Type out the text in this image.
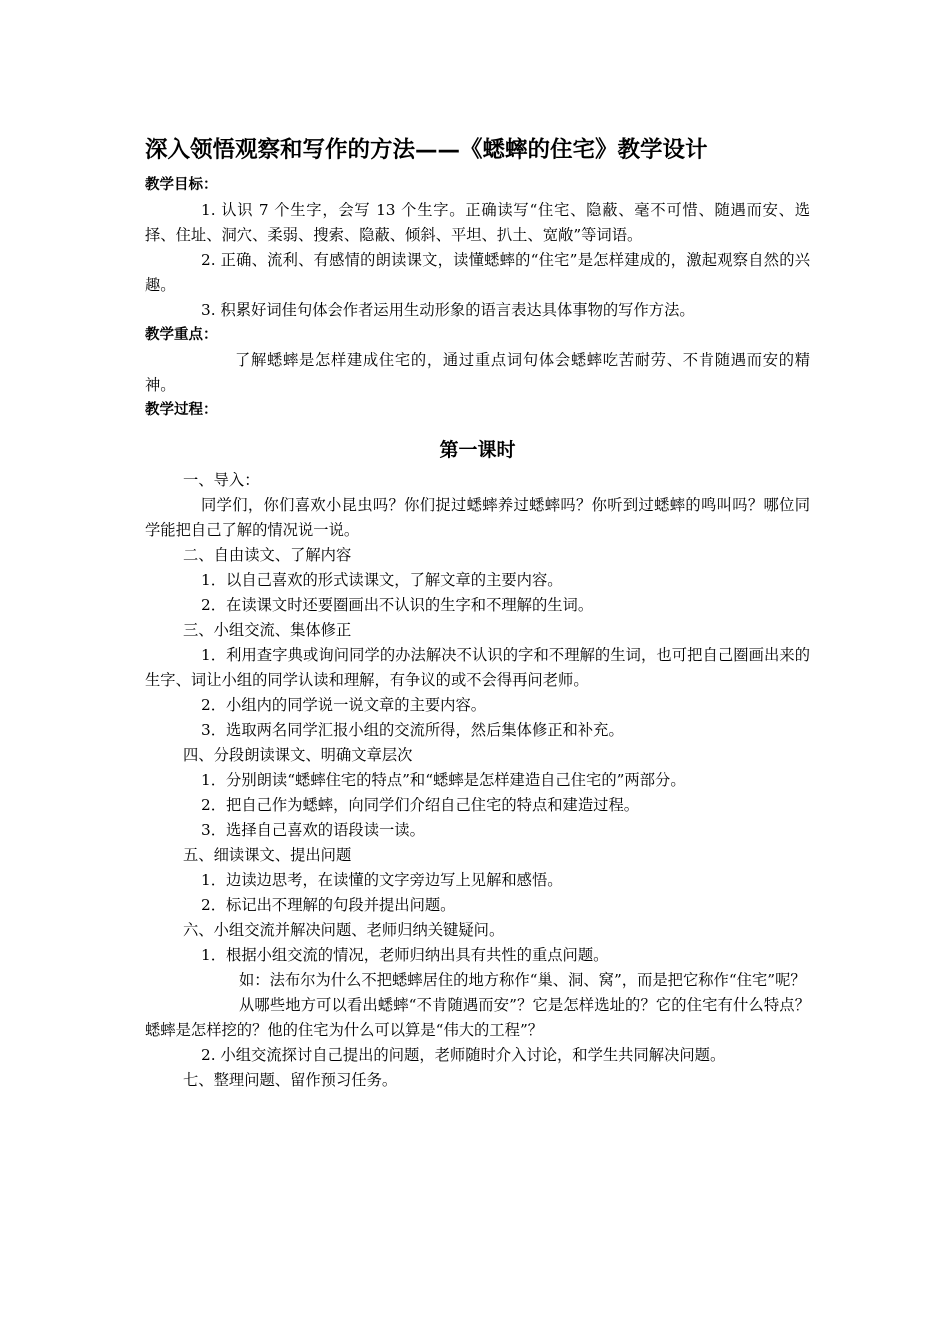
深入领悟观察和写作的方法——《蟋蟀的住宅》教学设计
教学目标：

1. 认识 7 个生字，会写 13 个生字。正确读写“住宅、隐蔽、毫不可惜、随遇而安、选择、住址、洞穴、柔弱、搜索、隐蔽、倾斜、平坦、扒土、宽敞”等词语。

2. 正确、流利、有感情的朗读课文，读懂蟋蟀的“住宅”是怎样建成的，激起观察自然的兴趣。

3. 积累好词佳句体会作者运用生动形象的语言表达具体事物的写作方法。

教学重点：

了解蟋蟀是怎样建成住宅的，通过重点词句体会蟋蟀吃苦耐劳、不肯随遇而安的精神。

教学过程：
第一课时

一、导入：

同学们，你们喜欢小昆虫吗？你们捉过蟋蟀养过蟋蟀吗？你听到过蟋蟀的鸣叫吗？哪位同学能把自己了解的情况说一说。

二、自由读文、了解内容

1．以自己喜欢的形式读课文，了解文章的主要内容。

2．在读课文时还要圈画出不认识的生字和不理解的生词。

三、小组交流、集体修正

1．利用查字典或询问同学的办法解决不认识的字和不理解的生词，也可把自己圈画出来的生字、词让小组的同学认读和理解，有争议的或不会得再问老师。

2．小组内的同学说一说文章的主要内容。

3．选取两名同学汇报小组的交流所得，然后集体修正和补充。

四、分段朗读课文、明确文章层次

1．分别朗读“蟋蟀住宅的特点”和“蟋蟀是怎样建造自己住宅的”两部分。

2．把自己作为蟋蟀，向同学们介绍自己住宅的特点和建造过程。

3．选择自己喜欢的语段读一读。

五、细读课文、提出问题

1．边读边思考，在读懂的文字旁边写上见解和感悟。

2．标记出不理解的句段并提出问题。

六、小组交流并解决问题、老师归纳关键疑问。

1．根据小组交流的情况，老师归纳出具有共性的重点问题。

如：法布尔为什么不把蟋蟀居住的地方称作“巢、洞、窝”，而是把它称作“住宅”呢？

从哪些地方可以看出蟋蟀“不肯随遇而安”？它是怎样选址的？它的住宅有什么特点？蟋蟀是怎样挖的？他的住宅为什么可以算是“伟大的工程”？

2. 小组交流探讨自己提出的问题，老师随时介入讨论，和学生共同解决问题。

七、整理问题、留作预习任务。
